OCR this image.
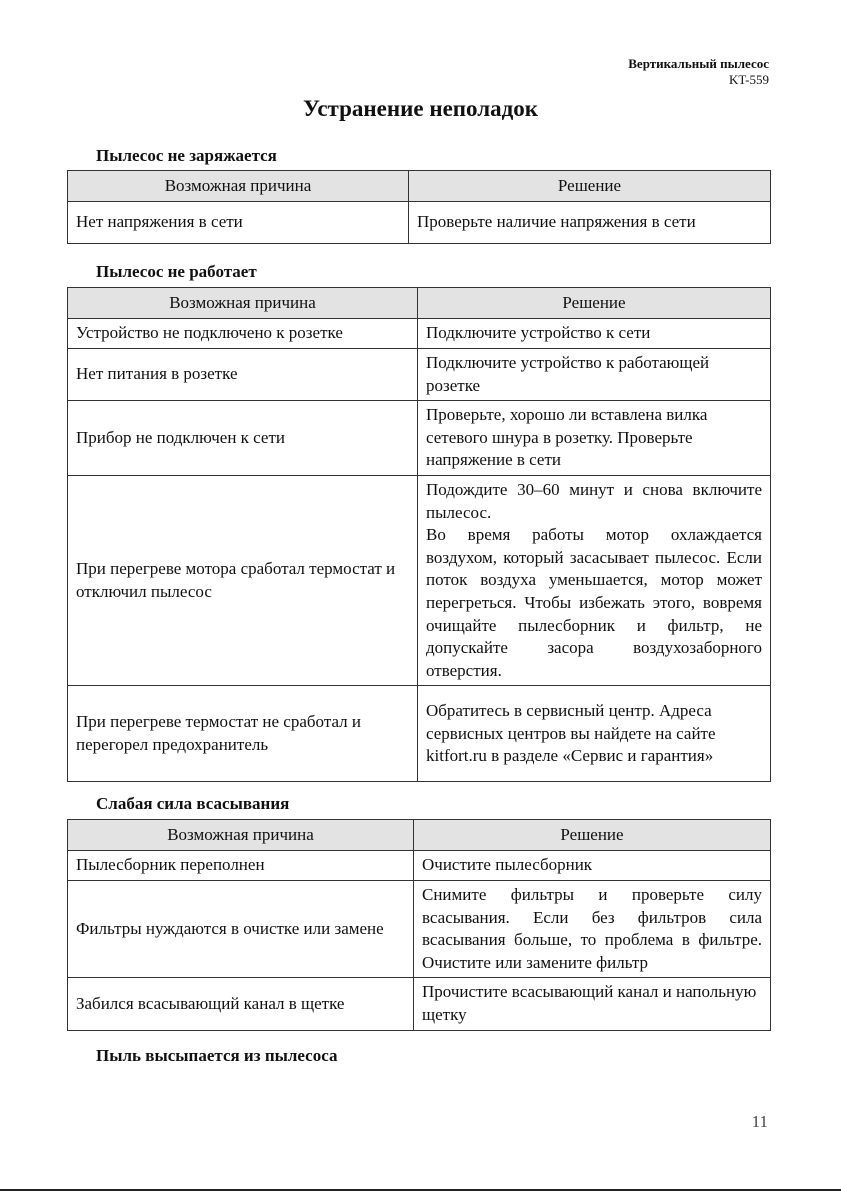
Вертикальный пылесос
KT-559
Устранение неполадок
Пылесос не заряжается
Возможная причина	Решение
Нет напряжения в сети	Проверьте наличие напряжения в сети
Пылесос не работает
Возможная причина	Решение
Устройство не подключено к розетке	Подключите устройство к сети
Нет питания в розетке	Подключите устройство к работающей розетке
Прибор не подключен к сети	Проверьте, хорошо ли вставлена вилка сетевого шнура в розетку. Проверьте напряжение в сети
При перегреве мотора сработал термостат и отключил пылесос	Подождите 30–60 минут и снова включите пылесос.
Во время работы мотор охлаждается воздухом, который засасывает пылесос. Если поток воздуха уменьшается, мотор может перегреться. Чтобы избежать этого, вовремя очищайте пылесборник и фильтр, не допускайте засора воздухозаборного отверстия.

При перегреве термостат не сработал и перегорел предохранитель	Обратитесь в сервисный центр. Адреса сервисных центров вы найдете на сайте kitfort.ru в разделе «Сервис и гарантия»
Слабая сила всасывания
Возможная причина	Решение
Пылесборник переполнен	Очистите пылесборник
Фильтры нуждаются в очистке или замене	Снимите фильтры и проверьте силу всасывания. Если без фильтров сила всасывания больше, то проблема в фильтре. Очистите или замените фильтр
Забился всасывающий канал в щетке	Прочистите всасывающий канал и напольную щетку
Пыль высыпается из пылесоса
11
